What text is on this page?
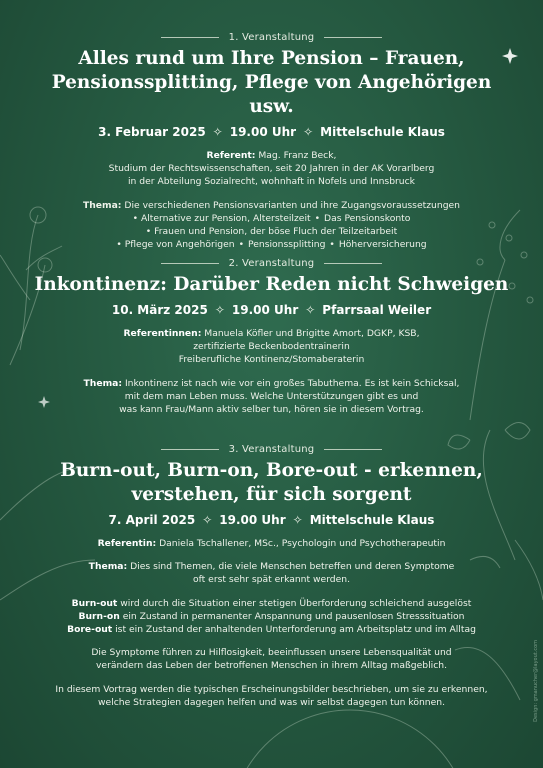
1. Veranstaltung
Alles rund um Ihre Pension – Frauen,
Pensionssplitting, Pflege von Angehörigen usw.
3. Februar 2025 ✧ 19.00 Uhr ✧ Mittelschule Klaus
Referent: Mag. Franz Beck,
Studium der Rechtswissenschaften, seit 20 Jahren in der AK Vorarlberg
in der Abteilung Sozialrecht, wohnhaft in Nofels und Innsbruck
Thema: Die verschiedenen Pensionsvarianten und ihre Zugangsvoraussetzungen
• Alternative zur Pension, Altersteilzeit • Das Pensionskonto
• Frauen und Pension, der böse Fluch der Teilzeitarbeit
• Pflege von Angehörigen • Pensionssplitting • Höherversicherung
2. Veranstaltung
Inkontinenz: Darüber Reden nicht Schweigen
10. März 2025 ✧ 19.00 Uhr ✧ Pfarrsaal Weiler
Referentinnen: Manuela Köfler und Brigitte Amort, DGKP, KSB,
zertifizierte Beckenbodentrainerin
Freiberufliche Kontinenz/Stomaberaterin
Thema: Inkontinenz ist nach wie vor ein großes Tabuthema. Es ist kein Schicksal,
mit dem man Leben muss. Welche Unterstützungen gibt es und
was kann Frau/Mann aktiv selber tun, hören sie in diesem Vortrag.
3. Veranstaltung
Burn-out, Burn-on, Bore-out - erkennen,
verstehen, für sich sorgent
7. April 2025 ✧ 19.00 Uhr ✧ Mittelschule Klaus
Referentin: Daniela Tschallener, MSc., Psychologin und Psychotherapeutin
Thema: Dies sind Themen, die viele Menschen betreffen und deren Symptome
oft erst sehr spät erkannt werden.
Burn-out wird durch die Situation einer stetigen Überforderung schleichend ausgelöst
Burn-on ein Zustand in permanenter Anspannung und pausenlosen Stresssituation
Bore-out ist ein Zustand der anhaltenden Unterforderung am Arbeitsplatz und im Alltag
Die Symptome führen zu Hilflosigkeit, beeinflussen unsere Lebensqualität und
verändern das Leben der betroffenen Menschen in ihrem Alltag maßgeblich.
In diesem Vortrag werden die typischen Erscheinungsbilder beschrieben, um sie zu erkennen,
welche Strategien dagegen helfen und was wir selbst dagegen tun können.	Design: gmanucher@layout.com
